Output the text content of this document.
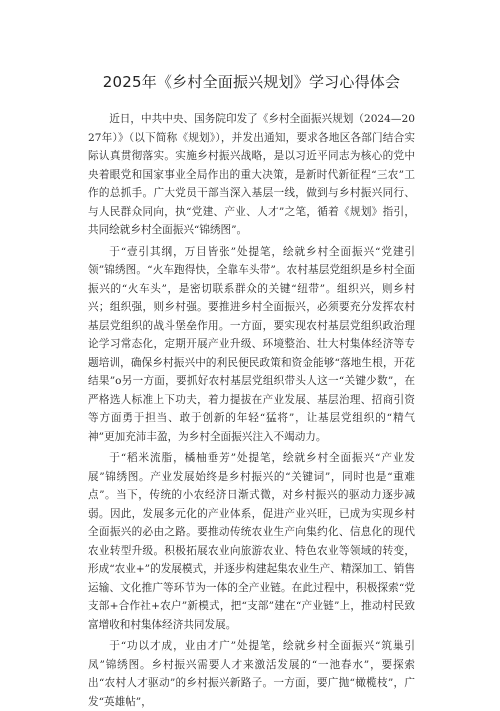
2025年《乡村全面振兴规划》学习心得体会

近日，中共中央、国务院印发了《乡村全面振兴规划（2024—2027年）》（以下简称《规划》），并发出通知，要求各地区各部门结合实际认真贯彻落实。实施乡村振兴战略，是以习近平同志为核心的党中央着眼党和国家事业全局作出的重大决策，是新时代新征程“三农”工作的总抓手。广大党员干部当深入基层一线，做到与乡村振兴同行、与人民群众同向，执“党建、产业、人才”之笔，循着《规划》指引，共同绘就乡村全面振兴“锦绣图”。

于“壹引其纲，万目皆张”处提笔，绘就乡村全面振兴“党建引领”锦绣图。“火车跑得快，全靠车头带”。农村基层党组织是乡村全面振兴的“火车头”，是密切联系群众的关键“纽带”。组织兴，则乡村兴；组织强，则乡村强。要推进乡村全面振兴，必须要充分发挥农村基层党组织的战斗堡垒作用。一方面，要实现农村基层党组织政治理论学习常态化，定期开展产业升级、环境整治、壮大村集体经济等专题培训，确保乡村振兴中的利民便民政策和资金能够“落地生根，开花结果”o另一方面，要抓好农村基层党组织带头人这一“关键少数”，在严格选人标准上下功夫，着力提拔在产业发展、基层治理、招商引资等方面勇于担当、敢于创新的年轻“猛将”，让基层党组织的“精气神”更加充沛丰盈，为乡村全面振兴注入不竭动力。

于“稻米流脂，橘柚垂芳”处提笔，绘就乡村全面振兴“产业发展”锦绣图。产业发展始终是乡村振兴的“关键词”，同时也是“重难点”。当下，传统的小农经济日渐式微，对乡村振兴的驱动力逐步减弱。因此，发展多元化的产业体系，促进产业兴旺，已成为实现乡村全面振兴的必由之路。要推动传统农业生产向集约化、信息化的现代农业转型升级。积极拓展农业向旅游农业、特色农业等领域的转变，形成“农业+”的发展模式，并逐步构建起集农业生产、精深加工、销售运输、文化推广等环节为一体的全产业链。在此过程中，积极探索“党支部+合作社+农户”新模式，把“支部”建在“产业链”上，推动村民致富增收和村集体经济共同发展。

于“功以才成，业由才广”处提笔，绘就乡村全面振兴“筑巢引凤”锦绣图。乡村振兴需要人才来激活发展的“一池春水”，要探索出“农村人才驱动”的乡村振兴新路子。一方面，要广抛“橄榄枝”，广发“英雄帖”，
